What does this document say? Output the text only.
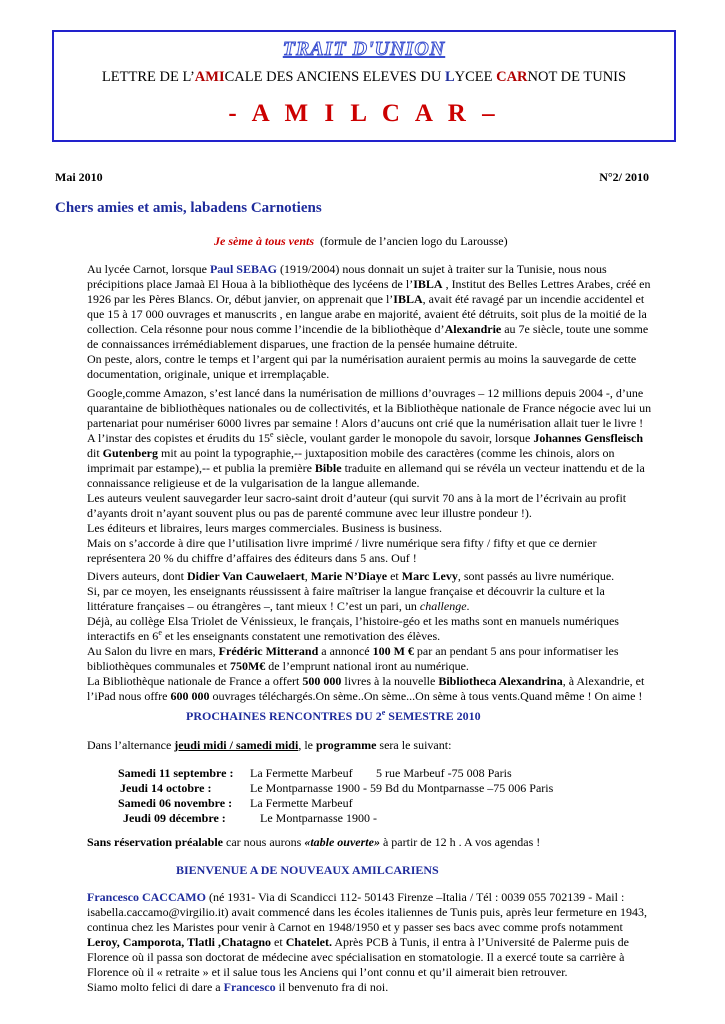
TRAIT D'UNION
LETTRE DE L’AMICALE DES ANCIENS ELEVES DU LYCEE CARNOT DE TUNIS
- A M I L C A R –
Mai 2010	N°2/ 2010
Chers amies et amis, labadens Carnotiens
Je sème à tous vents (formule de l’ancien logo du Larousse)

Au lycée Carnot, lorsque Paul SEBAG (1919/2004) nous donnait un sujet à traiter sur la Tunisie, nous nous précipitions place Jamaà El Houa à la bibliothèque des lycéens de l’IBLA , Institut des Belles Lettres Arabes, créé en 1926 par les Pères Blancs. Or, début janvier, on apprenait que l’IBLA, avait été ravagé par un incendie accidentel et que 15 à 17 000 ouvrages et manuscrits , en langue arabe en majorité, avaient été détruits, soit plus de la moitié de la collection. Cela résonne pour nous comme l’incendie de la bibliothèque d’Alexandrie au 7e siècle, toute une somme de connaissances irrémédiablement disparues, une fraction de la pensée humaine détruite.

On peste, alors, contre le temps et l’argent qui par la numérisation auraient permis au moins la sauvegarde de cette documentation, originale, unique et irremplaçable.

Google,comme Amazon, s’est lancé dans la numérisation de millions d’ouvrages – 12 millions depuis 2004 -, d’une quarantaine de bibliothèques nationales ou de collectivités, et la Bibliothèque nationale de France négocie avec lui un partenariat pour numériser 6000 livres par semaine ! Alors d’aucuns ont crié que la numérisation allait tuer le livre ! A l’instar des copistes et érudits du 15e siècle, voulant garder le monopole du savoir, lorsque Johannes Gensfleisch dit Gutenberg mit au point la typographie,-- juxtaposition mobile des caractères (comme les chinois, alors on imprimait par estampe),-- et publia la première Bible traduite en allemand qui se révéla un vecteur inattendu et de la connaissance religieuse et de la vulgarisation de la langue allemande.

Les auteurs veulent sauvegarder leur sacro-saint droit d’auteur (qui survit 70 ans à la mort de l’écrivain au profit d’ayants droit n’ayant souvent plus ou pas de parenté commune avec leur illustre pondeur !).

Les éditeurs et libraires, leurs marges commerciales. Business is business.

Mais on s’accorde à dire que l’utilisation livre imprimé / livre numérique sera fifty / fifty et que ce dernier représentera 20 % du chiffre d’affaires des éditeurs dans 5 ans. Ouf !

Divers auteurs, dont Didier Van Cauwelaert, Marie N’Diaye et Marc Levy, sont passés au livre numérique.

Si, par ce moyen, les enseignants réussissent à faire maîtriser la langue française et découvrir la culture et la littérature françaises – ou étrangères –, tant mieux ! C’est un pari, un challenge.

Déjà, au collège Elsa Triolet de Vénissieux, le français, l’histoire-géo et les maths sont en manuels numériques interactifs en 6e et les enseignants constatent une remotivation des élèves.

Au Salon du livre en mars, Frédéric Mitterand a annoncé 100 M € par an pendant 5 ans pour informatiser les bibliothèques communales et 750M€ de l’emprunt national iront au numérique.

La Bibliothèque nationale de France a offert 500 000 livres à la nouvelle Bibliotheca Alexandrina, à Alexandrie, et l’iPad nous offre 600 000 ouvrages téléchargés.On sème..On sème...On sème à tous vents.Quand même ! On aime !

PROCHAINES RENCONTRES DU 2e SEMESTRE 2010
Dans l’alternance jeudi midi / samedi midi, le programme sera le suivant:
Samedi 11 septembre : La Fermette Marbeuf 5 rue Marbeuf -75 008 Paris
Jeudi 14 octobre :	Le Montparnasse 1900 - 59 Bd du Montparnasse –75 006 Paris
Samedi 06 novembre : La Fermette Marbeuf
Jeudi 09 décembre :	Le Montparnasse 1900 -
Sans réservation préalable car nous aurons «table ouverte» à partir de 12 h . A vos agendas !
BIENVENUE A DE NOUVEAUX AMILCARIENS

Francesco CACCAMO (né 1931- Via di Scandicci 112- 50143 Firenze –Italia / Tél : 0039 055 702139 - Mail : isabella.caccamo@virgilio.it) avait commencé dans les écoles italiennes de Tunis puis, après leur fermeture en 1943, continua chez les Maristes pour venir à Carnot en 1948/1950 et y passer ses bacs avec comme profs notamment Leroy, Camporota, Tlatli ,Chatagno et Chatelet. Après PCB à Tunis, il entra à l’Université de Palerme puis de Florence où il passa son doctorat de médecine avec spécialisation en stomatologie. Il a exercé toute sa carrière à Florence où il « retraite » et il salue tous les Anciens qui l’ont connu et qu’il aimerait bien retrouver.

Siamo molto felici di dare a Francesco il benvenuto fra di noi.
